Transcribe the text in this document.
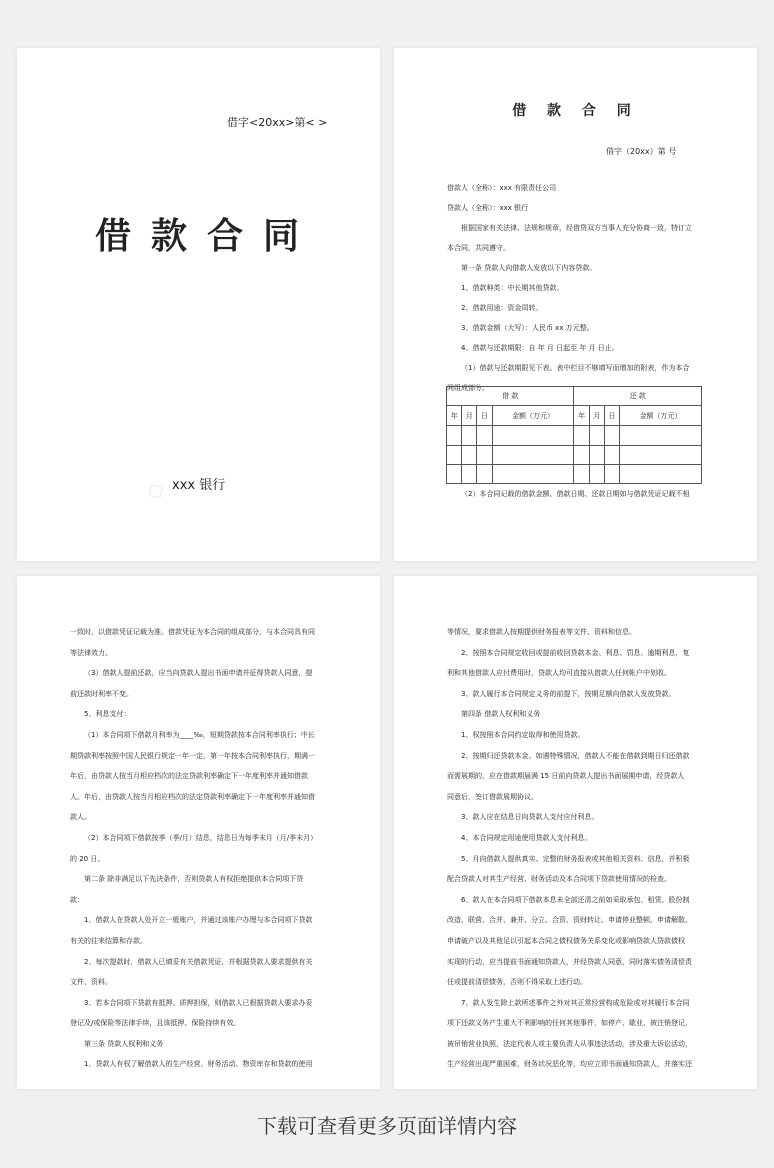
借字<20xx>第< >
借款合同
xxx 银行
◇
借 款 合 同
借字（20xx）第 号
借款人（全称）：xxx 有限责任公司
贷款人（全称）：xxx 银行
根据国家有关法律、法规和规章，经借贷双方当事人充分协商一致，特订立
本合同，共同遵守。
第一条 贷款人向借款人发放以下内容贷款。
1、借款种类：中长期其他贷款。
2、借款用途：资金周转。
3、借款金额（大写）：人民币 xx 万元整。
4、借款与还款期限：自 年 月 日起至 年 月 日止。
（1）借款与还款期限见下表。表中栏目不够填写而增加的附表，作为本合
同组成部分。
借 款				还 款			
年	月	日	金额（万元）	年	月	日	金额（万元）

（2）本合同记载的借款金额、借款日期、还款日期如与借款凭证记载不相
一致时，以借款凭证记载为准。借款凭证为本合同的组成部分，与本合同具有同
等法律效力。
（3）借款人提前还款，应当向贷款人提出书面申请并征得贷款人同意，提
前还款时利率不变。
5、利息支付：
（1）本合同项下借款月利率为____‰，短期贷款按本合同利率执行；中长
期贷款利率按照中国人民银行规定一年一定，第一年按本合同利率执行，期满一
年后，由贷款人按当月相应档次的法定贷款利率确定下一年度利率并通知借款
人。年后，由贷款人按当月相应档次的法定贷款利率确定下一年度利率并通知借
款人。
（2）本合同项下借款按季（季/月）结息，结息日为每季末月（月/季末月）
的 20 日。
第二条 除非满足以下先决条件，否则贷款人有权拒绝提供本合同项下贷
款：
1、借款人在贷款人处开立一般账户，并通过该账户办理与本合同项下贷款
有关的往来结算和存款。
2、每次提款时，借款人已填妥有关借款凭证，并根据贷款人要求提供有关
文件、资料。
3、若本合同项下贷款有抵押、质押担保，则借款人已根据贷款人要求办妥
登记及/或保险等法律手续，且该抵押、保险持续有效。
第三条 贷款人权利和义务
1、贷款人有权了解借款人的生产经营、财务活动、物资库存和贷款的使用
等情况，要求借款人按期提供财务报表等文件、资料和信息。
2、按照本合同规定收回或提前收回贷款本金、利息、罚息、逾期利息，复
利和其他借款人应付费用时，贷款人均可直接从借款人任何帐户中划收。
3、款人履行本合同规定义务的前提下，按期足额向借款人发放贷款。
第四条 借款人权利和义务
1、权按照本合同约定取得和使用贷款。
2、按期归还贷款本金。如遇特殊情况，借款人不能在借款到期日归还借款
而需展期的，应在借款期届满 15 日前向贷款人提出书面展期申请，经贷款人
同意后，签订借款展期协议。
3、款人应在结息日向贷款人支付应付利息。
4、本合同规定用途使用贷款人支付利息。
5、月向借款人提供真实、完整的财务报表或其他相关资料、信息，并积极
配合贷款人对其生产经营、财务活动及本合同项下贷款使用情况的检查。
6、款人在本合同项下借款本息未全部还清之前如采取承包、租赁、股份制
改造、联营、合并、兼并、分立、合资、资财转让、申请停业整顿、申请解散、
申请破产以及其他足以引起本合同之债权债务关系变化或影响贷款人贷款债权
实现的行动，应当提前书面通知贷款人，并经贷款人同意，同时落实债务清偿责
任或提前清偿债务，否则不得采取上述行动。
7、款人发生除上款所述事件之外对其正常经营构成危险或对其履行本合同
项下还款义务产生重大不利影响的任何其他事件，如停产、歇业、被注销登记，
被吊销营业执照，法定代表人或主要负责人从事违法活动，涉及重大诉讼活动，
生产经营出现严重困难，财务状况恶化等，均应立即书面通知贷款人，并落实还
下载可查看更多页面详情内容
